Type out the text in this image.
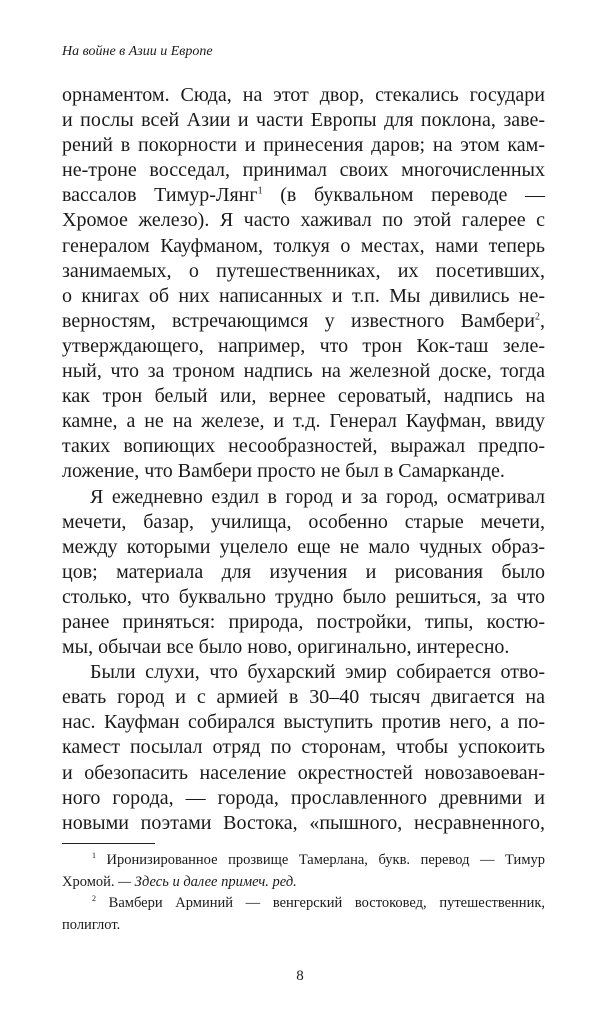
На войне в Азии и Европе
орнаментом. Сюда, на этот двор, стекались государи
и послы всей Азии и части Европы для поклона, заве-
рений в покорности и принесения даров; на этом кам-
не-троне восседал, принимал своих многочисленных
вассалов Тимур-Лянг$^1$ (в буквальном переводе —
Хромое железо). Я часто хаживал по этой галерее с
генералом Кауфманом, толкуя о местах, нами теперь
занимаемых, о путешественниках, их посетивших,
о книгах об них написанных и т.п. Мы дивились не-
верностям, встречающимся у известного Вамбери$^2$,
утверждающего, например, что трон Кок-таш зеле-
ный, что за троном надпись на железной доске, тогда
как трон белый или, вернее сероватый, надпись на
камне, а не на железе, и т.д. Генерал Кауфман, ввиду
таких вопиющих несообразностей, выражал предпо-
ложение, что Вамбери просто не был в Самарканде.
Я ежедневно ездил в город и за город, осматривал
мечети, базар, училища, особенно старые мечети,
между которыми уцелело еще не мало чудных образ-
цов; материала для изучения и рисования было
столько, что буквально трудно было решиться, за что
ранее приняться: природа, постройки, типы, костю-
мы, обычаи все было ново, оригинально, интересно.
Были слухи, что бухарский эмир собирается отво-
евать город и с армией в 30–40 тысяч двигается на
нас. Кауфман собирался выступить против него, а по-
камест посылал отряд по сторонам, чтобы успокоить
и обезопасить население окрестностей новозавоеван-
ного города, — города, прославленного древними и
новыми поэтами Востока, «пышного, несравненного,
$^1$ Иронизированное прозвище Тамерлана, букв. перевод — Тимур
Хромой. — Здесь и далее примеч. ред.
$^2$ Вамбери Арминий — венгерский востоковед, путешественник,
полиглот.
8
